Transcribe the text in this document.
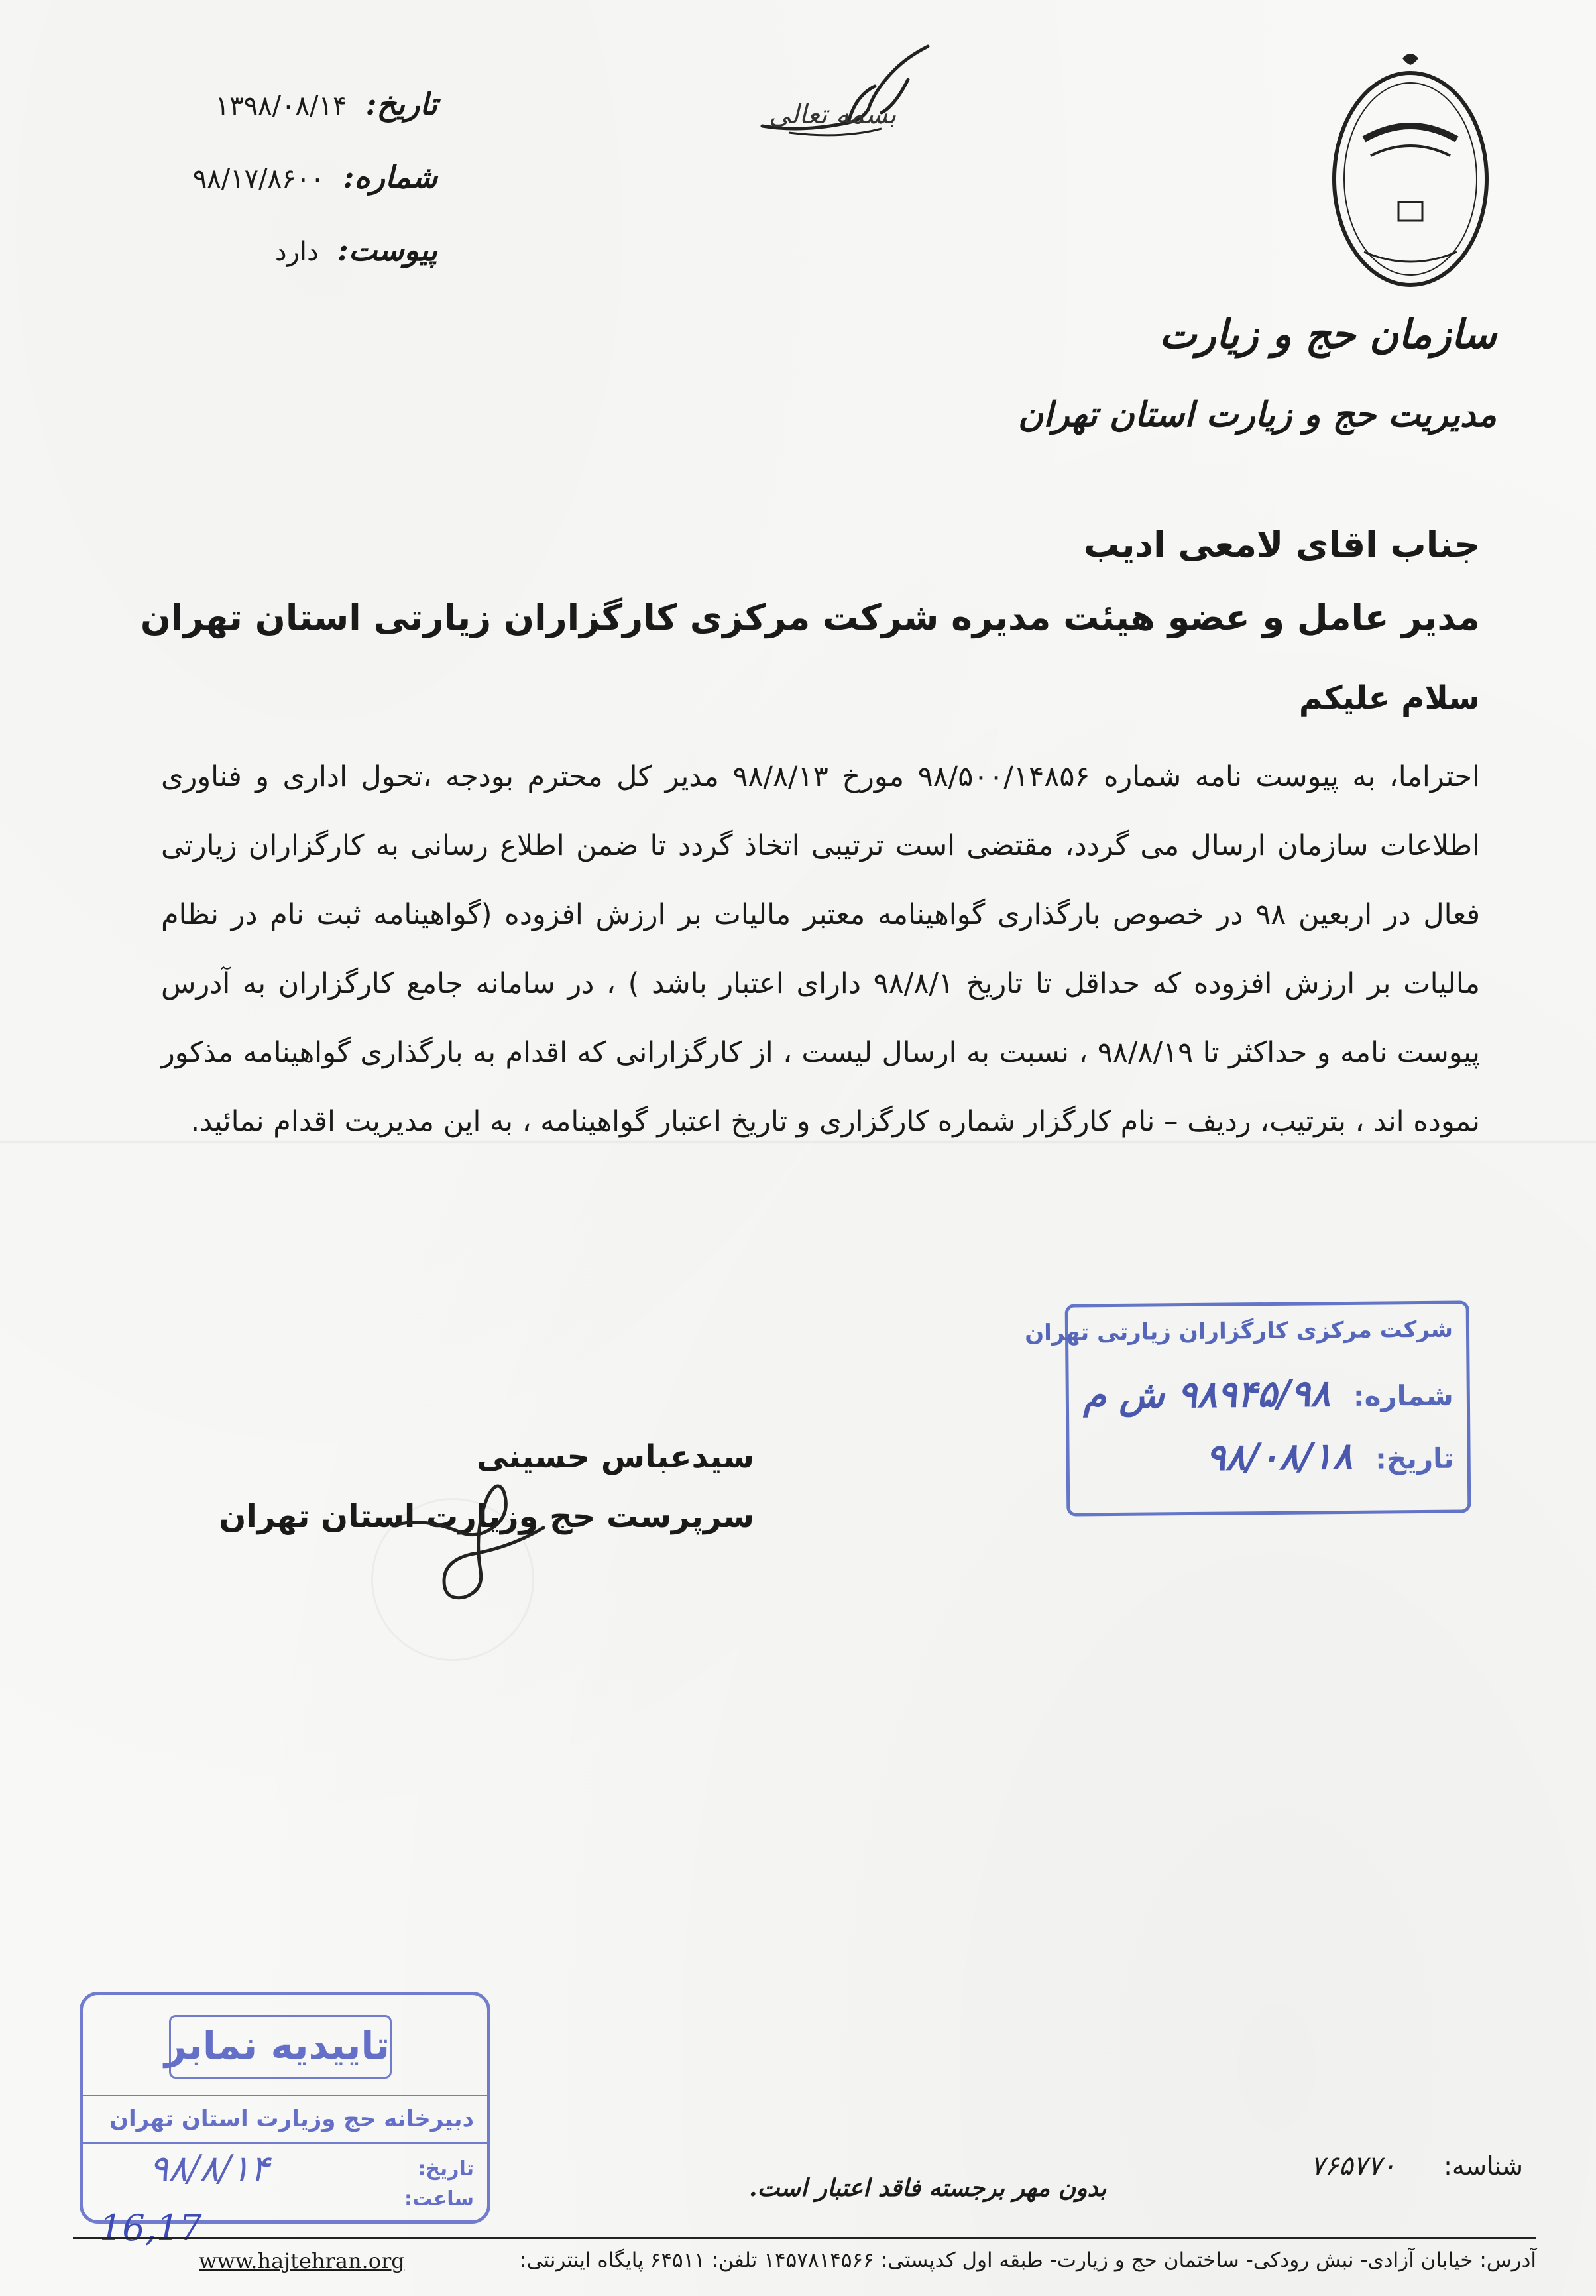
سازمان حج و زیارت
مدیریت حج و زیارت استان تهران
تاریخ:
۱۳۹۸/۰۸/۱۴
شماره:
۹۸/۱۷/۸۶۰۰
پیوست:
دارد
بسمه تعالی
جناب اقای لامعی ادیب
مدیر عامل و عضو هیئت مدیره شرکت مرکزی کارگزاران زیارتی استان تهران
سلام علیکم
احتراما، به پیوست نامه شماره ۹۸/۵۰۰/۱۴۸۵۶ مورخ ۹۸/۸/۱۳ مدیر کل محترم بودجه ،تحول اداری و فناوری اطلاعات سازمان ارسال می گردد، مقتضی است ترتیبی اتخاذ گردد تا ضمن اطلاع رسانی به کارگزاران زیارتی فعال در اربعین ۹۸ در خصوص بارگذاری گواهینامه معتبر مالیات بر ارزش افزوده (گواهینامه ثبت نام در نظام مالیات بر ارزش افزوده که حداقل تا تاریخ ۹۸/۸/۱ دارای اعتبار باشد ) ، در سامانه جامع کارگزاران به آدرس پیوست نامه و حداکثر تا ۹۸/۸/۱۹ ، نسبت به ارسال لیست ، از کارگزارانی که اقدام به بارگذاری گواهینامه مذکور نموده اند ، بترتیب، ردیف – نام کارگزار شماره کارگزاری و تاریخ اعتبار گواهینامه ، به این مدیریت اقدام نمائید.
شرکت مرکزی کارگزاران زیارتی تهران
شماره: ۹۸۹۴۵/۹۸ ش م
تاریخ: ۹۸/۰۸/۱۸
سیدعباس حسینی
سرپرست حج وزیارت استان تهران
تاییدیه نمابر
دبیرخانه حج وزیارت استان تهران
تاریخ:
ساعت:
۹۸/۸/۱۴
16,17
شناسه: ۷۶۵۷۷۰
بدون مهر برجسته فاقد اعتبار است.
آدرس: خیابان آزادی- نبش رودکی- ساختمان حج و زیارت- طبقه اول کدپستی: ۱۴۵۷۸۱۴۵۶۶ تلفن: ۶۴۵۱۱ پایگاه اینترنتی:
www.hajtehran.org
